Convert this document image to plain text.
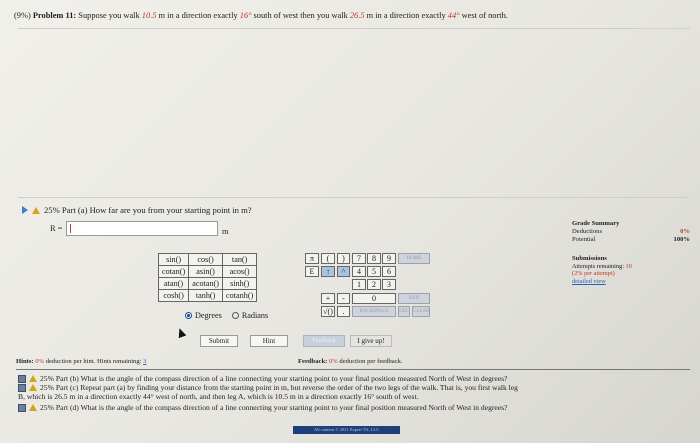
(9%) Problem 11: Suppose you walk 10.5 m in a direction exactly 16° south of west then you walk 26.5 m in a direction exactly 44° west of north.
25% Part (a) How far are you from your starting point in m?
R =	m
Grade Summary
Deductions	0%
Potential	100%
Submissions
Attempts remaining: 10
(2% per attempt)
detailed view
sin()	cos()	tan()
cotan()	asin()	acos()
atan()	acotan()	sinh()
cosh()	tanh()	cotanh()
Degrees Radians
π	(	)	7	8	9	HOME
E	↑	^	4	5	6
1	2	3
+	-	0	END
√()	.	BACKSPACE	DEL CLEAR
Submit	Hint	Feedback	I give up!
Hints: 0% deduction per hint. Hints remaining: 3	Feedback: 0% deduction per feedback.
25% Part (b) What is the angle of the compass direction of a line connecting your starting point to your final position measured North of West in degrees?
25% Part (c) Repeat part (a) by finding your distance from the starting point in m, but reverse the order of the two legs of the walk. That is, you first walk leg
B, which is 26.5 m in a direction exactly 44° west of north, and then leg A, which is 10.5 m in a direction exactly 16° south of west.
25% Part (d) What is the angle of the compass direction of a line connecting your starting point to your final position measured North of West in degrees?
All content © 2021 Expert TA, LLC
